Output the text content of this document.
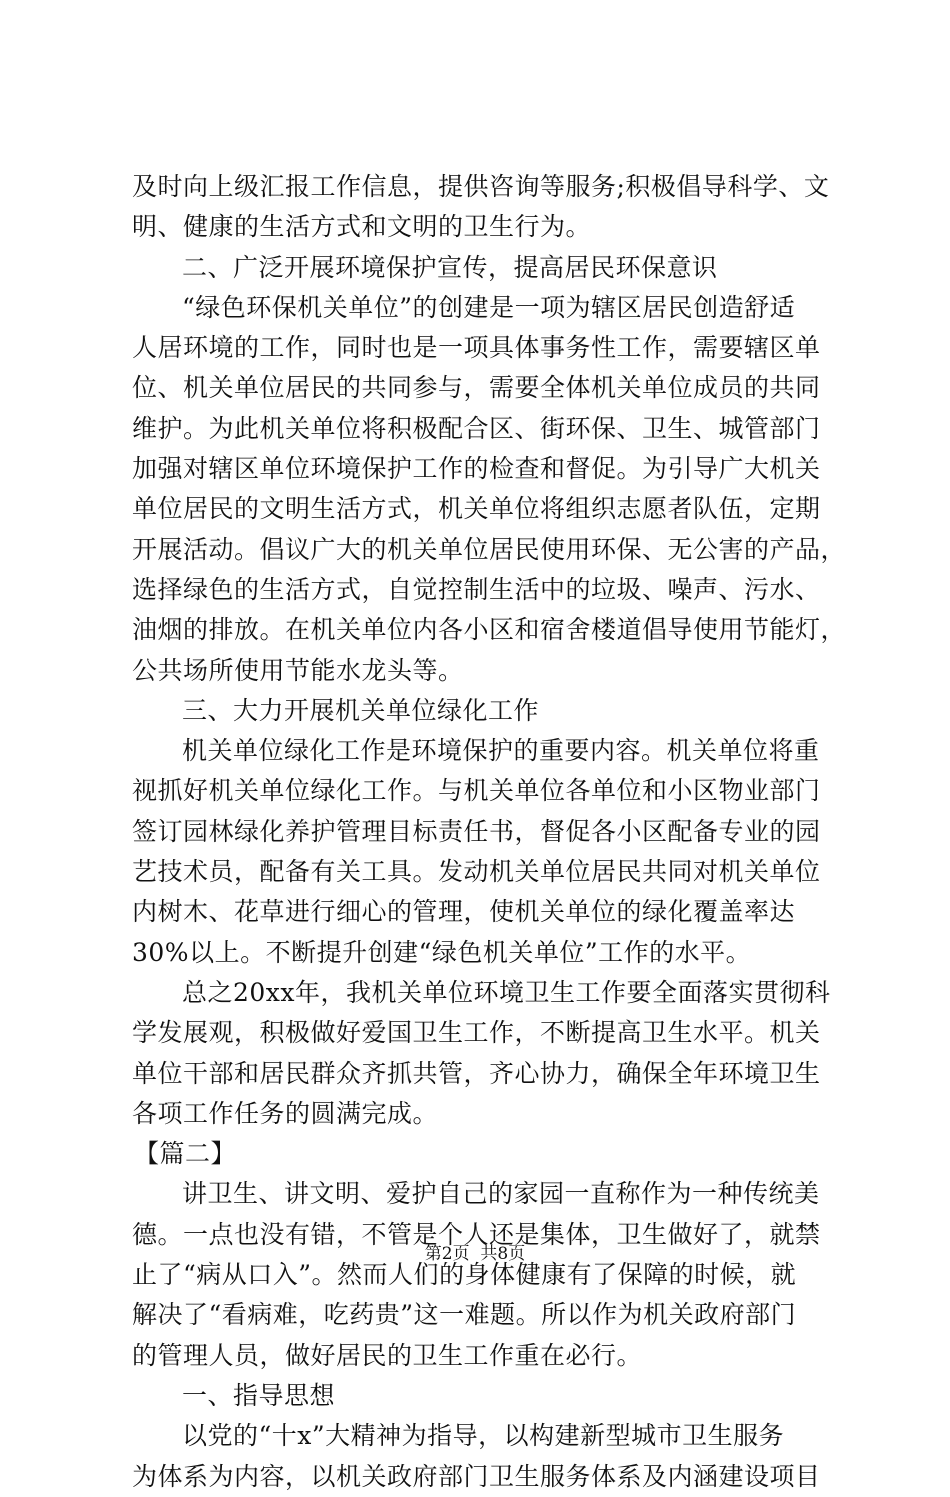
及时向上级汇报工作信息，提供咨询等服务;积极倡导科学、文
明、健康的生活方式和文明的卫生行为。
二、广泛开展环境保护宣传，提高居民环保意识
“绿色环保机关单位”的创建是一项为辖区居民创造舒适
人居环境的工作，同时也是一项具体事务性工作，需要辖区单
位、机关单位居民的共同参与，需要全体机关单位成员的共同
维护。为此机关单位将积极配合区、街环保、卫生、城管部门
加强对辖区单位环境保护工作的检查和督促。为引导广大机关
单位居民的文明生活方式，机关单位将组织志愿者队伍，定期
开展活动。倡议广大的机关单位居民使用环保、无公害的产品，
选择绿色的生活方式，自觉控制生活中的垃圾、噪声、污水、
油烟的排放。在机关单位内各小区和宿舍楼道倡导使用节能灯，
公共场所使用节能水龙头等。
三、大力开展机关单位绿化工作
机关单位绿化工作是环境保护的重要内容。机关单位将重
视抓好机关单位绿化工作。与机关单位各单位和小区物业部门
签订园林绿化养护管理目标责任书，督促各小区配备专业的园
艺技术员，配备有关工具。发动机关单位居民共同对机关单位
内树木、花草进行细心的管理，使机关单位的绿化覆盖率达
30%以上。不断提升创建“绿色机关单位”工作的水平。
总之20xx年，我机关单位环境卫生工作要全面落实贯彻科
学发展观，积极做好爱国卫生工作，不断提高卫生水平。机关
单位干部和居民群众齐抓共管，齐心协力，确保全年环境卫生
各项工作任务的圆满完成。
【篇二】
讲卫生、讲文明、爱护自己的家园一直称作为一种传统美
德。一点也没有错，不管是个人还是集体，卫生做好了，就禁
止了“病从口入”。然而人们的身体健康有了保障的时候，就
解决了“看病难，吃药贵”这一难题。所以作为机关政府部门
的管理人员，做好居民的卫生工作重在必行。
一、指导思想
以党的“十x”大精神为指导，以构建新型城市卫生服务
为体系为内容，以机关政府部门卫生服务体系及内涵建设项目
第2页  共8页
